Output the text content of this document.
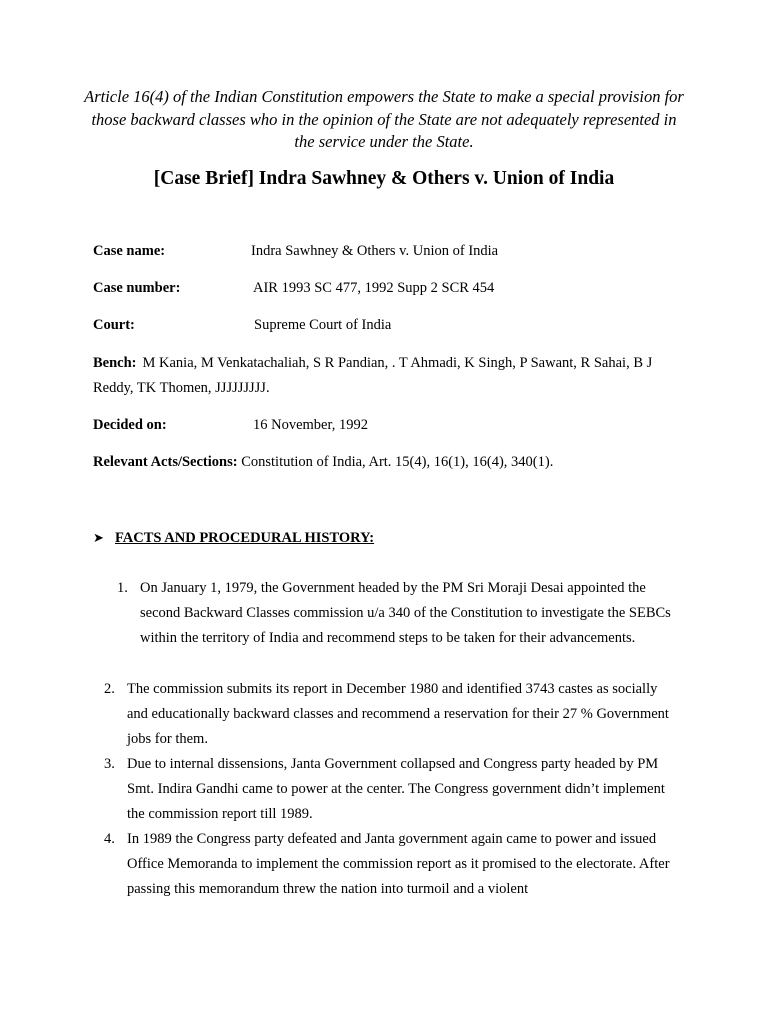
Article 16(4) of the Indian Constitution empowers the State to make a special provision for those backward classes who in the opinion of the State are not adequately represented in the service under the State.
[Case Brief] Indra Sawhney & Others v. Union of India
Case name:	Indra Sawhney & Others v. Union of India
Case number:	AIR 1993 SC 477, 1992 Supp 2 SCR 454
Court:	Supreme Court of India
Bench: M Kania, M Venkatachaliah, S R Pandian, . T Ahmadi, K Singh, P Sawant, R Sahai, B J Reddy, TK Thomen, JJJJJJJJJ.
Decided on:	16 November, 1992
Relevant Acts/Sections: Constitution of India, Art. 15(4), 16(1), 16(4), 340(1).
➤ FACTS AND PROCEDURAL HISTORY:
1. On January 1, 1979, the Government headed by the PM Sri Moraji Desai appointed the second Backward Classes commission u/a 340 of the Constitution to investigate the SEBCs within the territory of India and recommend steps to be taken for their advancements.
2. The commission submits its report in December 1980 and identified 3743 castes as socially and educationally backward classes and recommend a reservation for their 27 % Government jobs for them.
3. Due to internal dissensions, Janta Government collapsed and Congress party headed by PM Smt. Indira Gandhi came to power at the center. The Congress government didn’t implement the commission report till 1989.
4. In 1989 the Congress party defeated and Janta government again came to power and issued Office Memoranda to implement the commission report as it promised to the electorate. After passing this memorandum threw the nation into turmoil and a violent
